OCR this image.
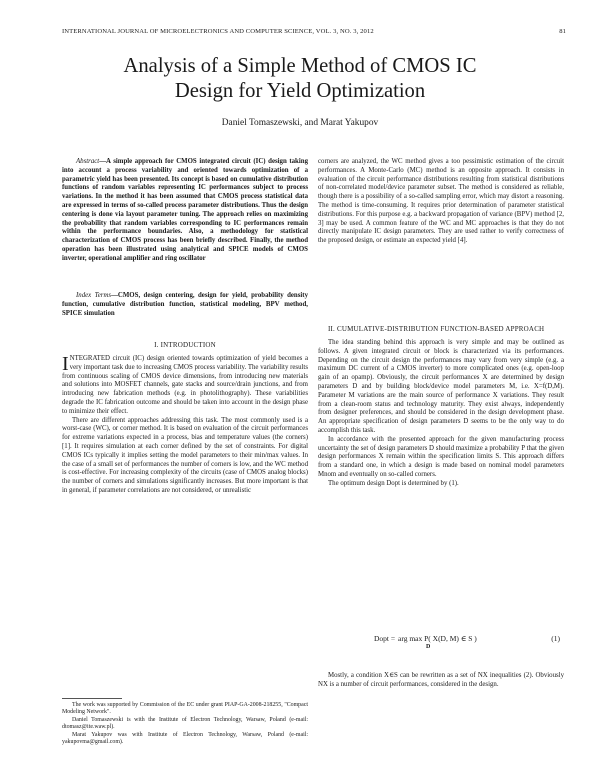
INTERNATIONAL JOURNAL OF MICROELECTRONICS AND COMPUTER SCIENCE, VOL. 3, NO. 3, 2012	81
Analysis of a Simple Method of CMOS IC
Design for Yield Optimization
Daniel Tomaszewski, and Marat Yakupov

Abstract—A simple approach for CMOS integrated circuit (IC) design taking into account a process variability and oriented towards optimization of a parametric yield has been presented. Its concept is based on cumulative distribution functions of random variables representing IC performances subject to process variations. In the method it has been assumed that CMOS process statistical data are expressed in terms of so-called process parameter distributions. Thus the design centering is done via layout parameter tuning. The approach relies on maximizing the probability that random variables corresponding to IC performances remain within the performance boundaries. Also, a methodology for statistical characterization of CMOS process has been briefly described. Finally, the method operation has been illustrated using analytical and SPICE models of CMOS inverter, operational amplifier and ring oscillator

Index Terms—CMOS, design centering, design for yield, probability density function, cumulative distribution function, statistical modeling, BPV method, SPICE simulation

I. INTRODUCTION

INTEGRATED circuit (IC) design oriented towards optimization of yield becomes a very important task due to increasing CMOS process variability. The variability results from continuous scaling of CMOS device dimensions, from introducing new materials and solutions into MOSFET channels, gate stacks and source/drain junctions, and from introducing new fabrication methods (e.g. in photolithography). These variabilities degrade the IC fabrication outcome and should be taken into account in the design phase to minimize their effect.

There are different approaches addressing this task. The most commonly used is a worst-case (WC), or corner method. It is based on evaluation of the circuit performances for extreme variations expected in a process, bias and temperature values (the corners) [1]. It requires simulation at each corner defined by the set of constraints. For digital CMOS ICs typically it implies setting the model parameters to their min/max values. In the case of a small set of performances the number of corners is low, and the WC method is cost-effective. For increasing complexity of the circuits (case of CMOS analog blocks) the number of corners and simulations significantly increases. But more important is that in general, if parameter correlations are not considered, or unrealistic

The work was supported by Commission of the EC under grant PIAP-GA-2008-218255, "Compact Modeling Network".

Daniel Tomaszewski is with the Institute of Electron Technology, Warsaw, Poland (e-mail: dtomasz@ite.waw.pl).

Marat Yakupov was with Institute of Electron Technology, Warsaw, Poland (e-mail: yakupovma@gmail.com).

corners are analyzed, the WC method gives a too pessimistic estimation of the circuit performances. A Monte-Carlo (MC) method is an opposite approach. It consists in evaluation of the circuit performance distributions resulting from statistical distributions of non-correlated model/device parameter subset. The method is considered as reliable, though there is a possibility of a so-called sampling error, which may distort a reasoning. The method is time-consuming. It requires prior determination of parameter statistical distributions. For this purpose e.g. a backward propagation of variance (BPV) method [2, 3] may be used. A common feature of the WC and MC approaches is that they do not directly manipulate IC design parameters. They are used rather to verify correctness of the proposed design, or estimate an expected yield [4].

II. CUMULATIVE-DISTRIBUTION FUNCTION-BASED APPROACH

The idea standing behind this approach is very simple and may be outlined as follows. A given integrated circuit or block is characterized via its performances. Depending on the circuit design the performances may vary from very simple (e.g. a maximum DC current of a CMOS inverter) to more complicated ones (e.g. open-loop gain of an opamp). Obviously, the circuit performances X are determined by design parameters D and by building block/device model parameters M, i.e. X=f(D,M). Parameter M variations are the main source of performance X variations. They result from a clean-room status and technology maturity. They exist always, independently from designer preferences, and should be considered in the design development phase. An appropriate specification of design parameters D seems to be the only way to do accomplish this task.

In accordance with the presented approach for the given manufacturing process uncertainty the set of design parameters D should maximize a probability P that the given design performances X remain within the specification limits S. This approach differs from a standard one, in which a design is made based on nominal model parameters Mnom and eventually on so-called corners.

The optimum design Dopt is determined by (1).

Dopt = arg max P( X(D, M) ∈ S )
D
(1)

Mostly, a condition X∈S can be rewritten as a set of NX inequalities (2). Obviously NX is a number of circuit performances, considered in the design.
